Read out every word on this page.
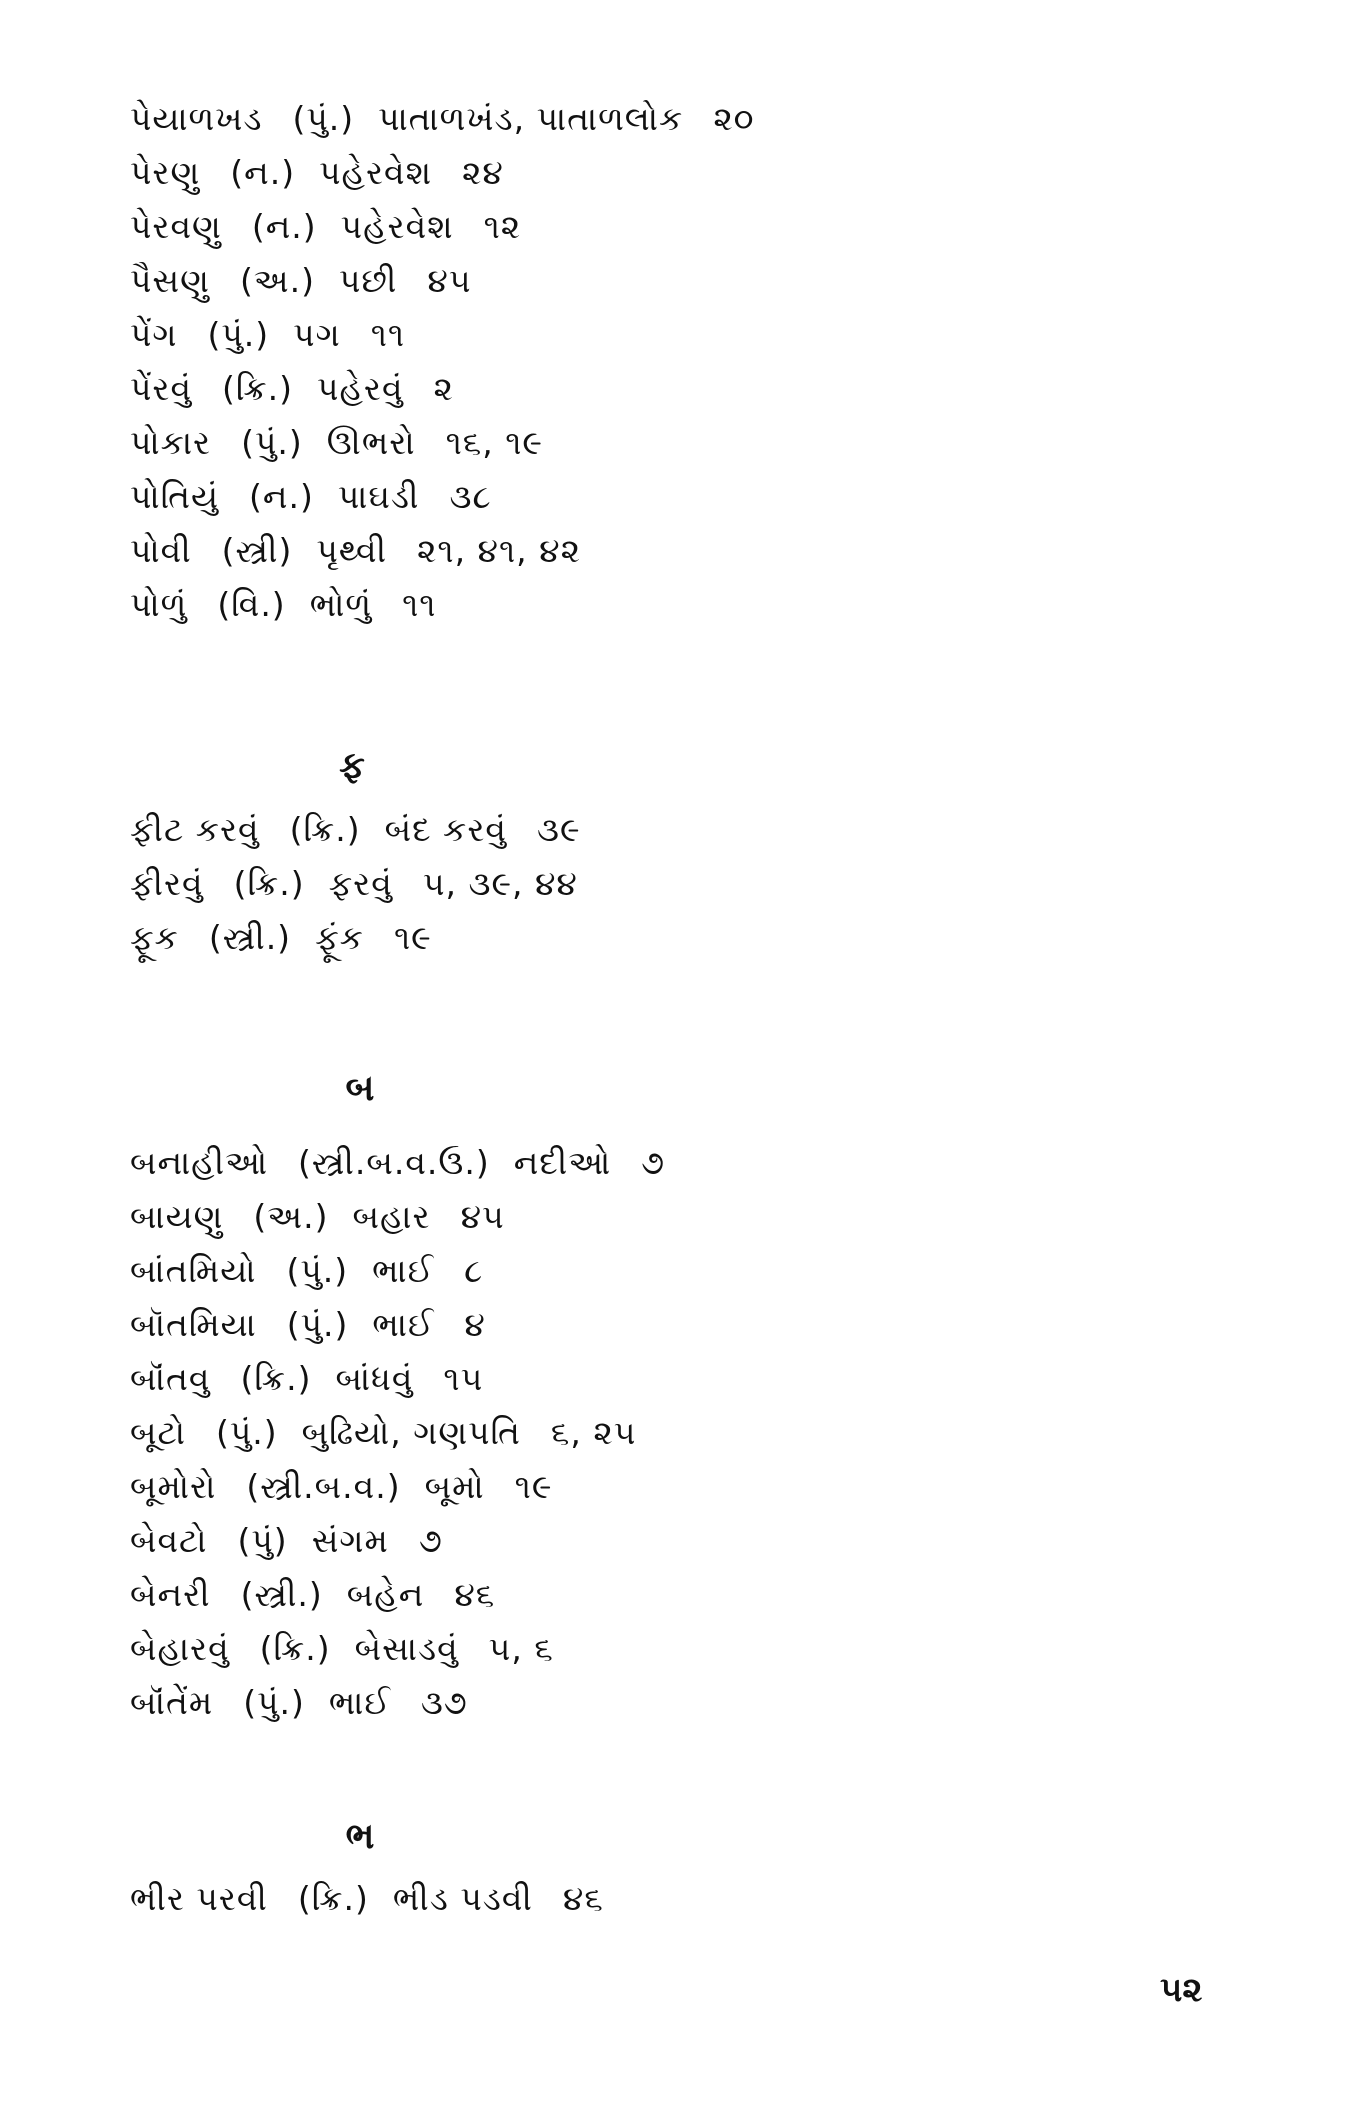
પેયાળખડ (પું.) પાતાળખંડ, પાતાળલોક ૨૦
પેરણુ (ન.) પહેરવેશ ૨૪
પેરવણુ (ન.) પહેરવેશ ૧૨
પૈસણુ (અ.) પછી ૪૫
પેંગ (પું.) પગ ૧૧
પેંરવું (ક્રિ.) પહેરવું ૨
પોકાર (પું.) ઊભરો ૧૬, ૧૯
પોતિયું (ન.) પાઘડી ૩૮
પોવી (સ્ત્રી) પૃથ્વી ૨૧, ૪૧, ૪૨
પોળું (વિ.) ભોળું ૧૧
ફ
ફીટ કરવું (ક્રિ.) બંદ કરવું ૩૯
ફીરવું (ક્રિ.) ફરવું ૫, ૩૯, ૪૪
ફૂક (સ્ત્રી.) ફૂંક ૧૯
બ
બનાહીઓ (સ્ત્રી.બ.વ.ઉ.) નદીઓ ૭
બાયણુ (અ.) બહાર ૪૫
બાંતમિયો (પું.) ભાઈ ૮
બૉતમિયા (પું.) ભાઈ ૪
બૉંતવુ (ક્રિ.) બાંધવું ૧૫
બૂટો (પું.) બુઢિયો, ગણપતિ ૬, ૨૫
બૂમોરો (સ્ત્રી.બ.વ.) બૂમો ૧૯
બેવટો (પું) સંગમ ૭
બેનરી (સ્ત્રી.) બહેન ૪૬
બેહારવું (ક્રિ.) બેસાડવું ૫, ૬
બૉંતેંમ (પું.) ભાઈ ૩૭
ભ
ભીર પરવી (ક્રિ.) ભીડ પડવી ૪૬
૫૨
